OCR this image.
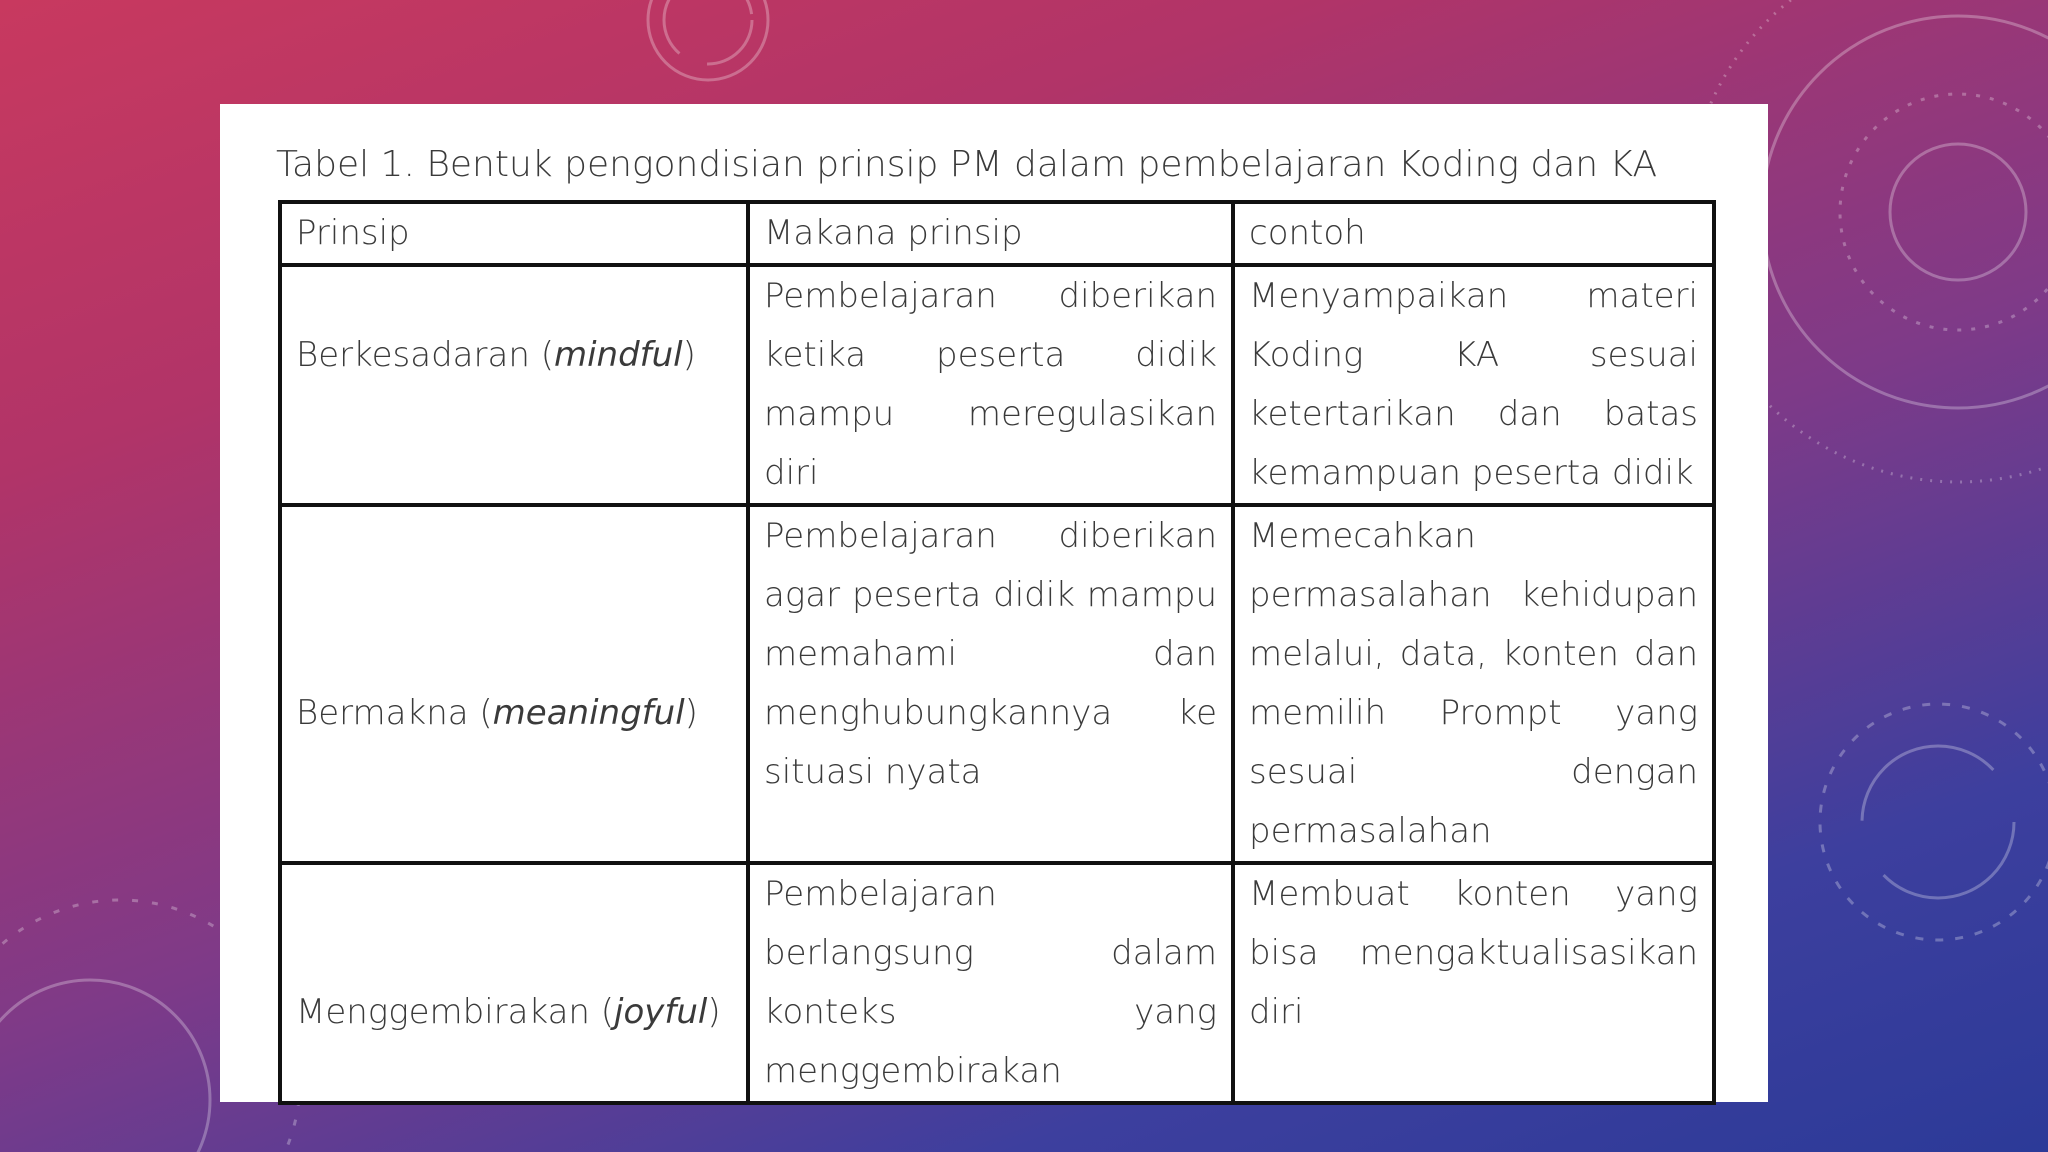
Tabel 1. Bentuk pengondisian prinsip PM dalam pembelajaran Koding dan KA
Prinsip	Makana prinsip	contoh

Berkesadaran (mindful)	Pembelajaran diberikan ketika peserta didik mampu meregulasikan diri	Menyampaikan materi Koding KA sesuai ketertarikan dan batas kemampuan peserta didik

Bermakna (meaningful)	Pembelajaran diberikan agar peserta didik mampu memahami dan menghubungkannya ke situasi nyata	Memecahkan permasalahan kehidupan melalui, data, konten dan memilih Prompt yang sesuai dengan permasalahan

Menggembirakan (joyful)	Pembelajaran berlangsung dalam konteks yang menggembirakan	Membuat konten yang bisa mengaktualisasikan diri
